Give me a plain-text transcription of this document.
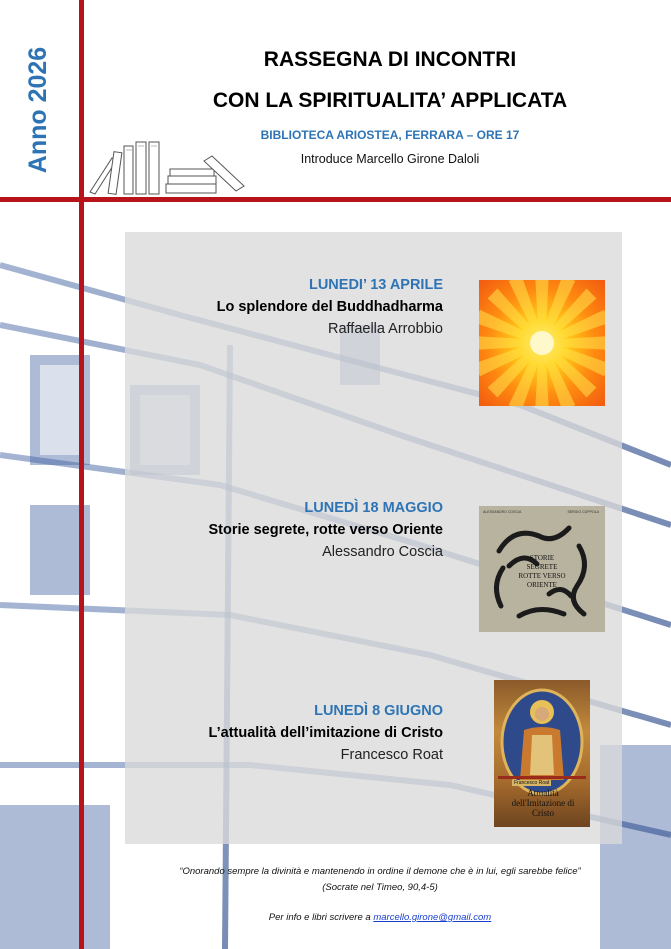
Anno 2026	RASSEGNA DI INCONTRI
CON LA SPIRITUALITA’ APPLICATA
BIBLIOTECA ARIOSTEA, FERRARA – ORE 17
Introduce Marcello Girone Daloli
LUNEDI’ 13 APRILE
Lo splendore del Buddhadharma
Raffaella Arrobbio
LUNEDÌ 18 MAGGIO
Storie segrete, rotte verso Oriente
Alessandro Coscia
LUNEDÌ 8 GIUGNO
L’attualità dell’imitazione di Cristo
Francesco Roat
ALESSANDRO COSCIA	SERGIO COPPOLA
STORIE SEGRETE ROTTE VERSO ORIENTE
Francesco Roat
Attualità dell'Imitazione di Cristo
“Onorando sempre la divinità e mantenendo in ordine il demone che è in lui, egli sarebbe felice”
(Socrate nel Timeo, 90,4-5)
Per info e libri scrivere a marcello.girone@gmail.com
